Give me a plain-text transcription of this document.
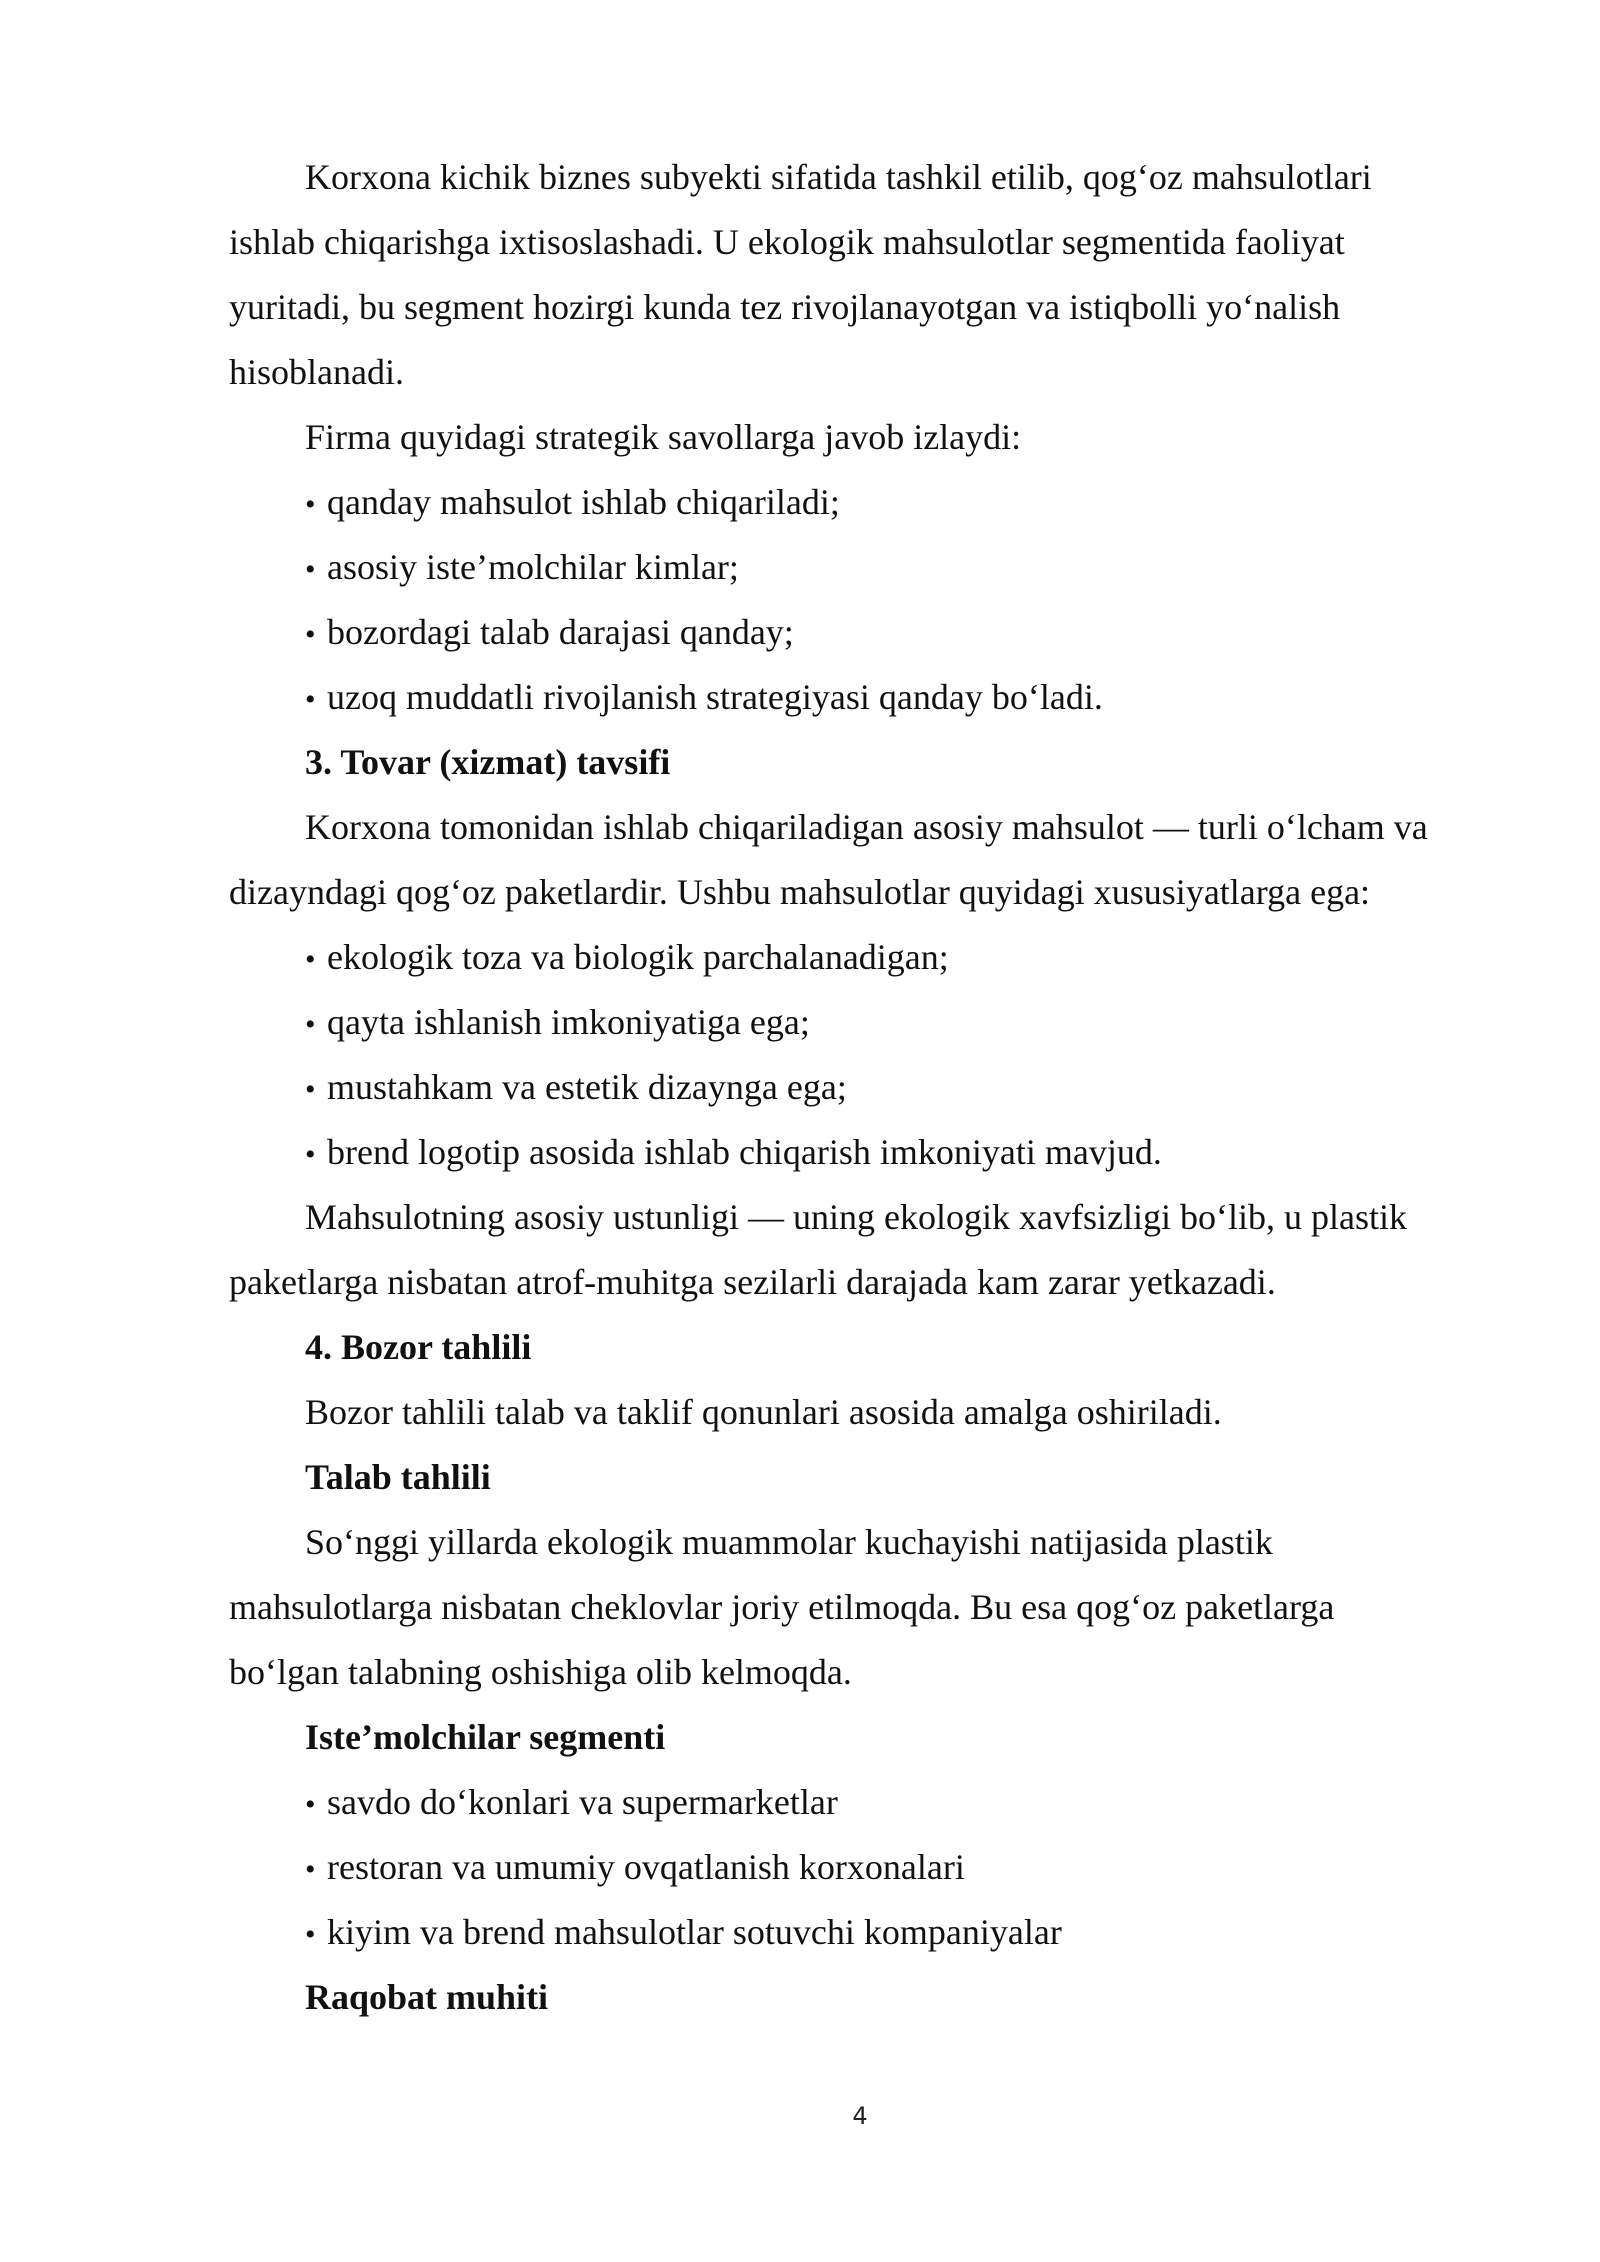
Korxona kichik biznes subyekti sifatida tashkil etilib, qog‘oz mahsulotlari
ishlab chiqarishga ixtisoslashadi. U ekologik mahsulotlar segmentida faoliyat
yuritadi, bu segment hozirgi kunda tez rivojlanayotgan va istiqbolli yo‘nalish
hisoblanadi.
Firma quyidagi strategik savollarga javob izlaydi:
• qanday mahsulot ishlab chiqariladi;
• asosiy iste’molchilar kimlar;
• bozordagi talab darajasi qanday;
• uzoq muddatli rivojlanish strategiyasi qanday bo‘ladi.
3. Tovar (xizmat) tavsifi
Korxona tomonidan ishlab chiqariladigan asosiy mahsulot — turli o‘lcham va
dizayndagi qog‘oz paketlardir. Ushbu mahsulotlar quyidagi xususiyatlarga ega:
• ekologik toza va biologik parchalanadigan;
• qayta ishlanish imkoniyatiga ega;
• mustahkam va estetik dizaynga ega;
• brend logotip asosida ishlab chiqarish imkoniyati mavjud.
Mahsulotning asosiy ustunligi — uning ekologik xavfsizligi bo‘lib, u plastik
paketlarga nisbatan atrof-muhitga sezilarli darajada kam zarar yetkazadi.
4. Bozor tahlili
Bozor tahlili talab va taklif qonunlari asosida amalga oshiriladi.
Talab tahlili
So‘nggi yillarda ekologik muammolar kuchayishi natijasida plastik
mahsulotlarga nisbatan cheklovlar joriy etilmoqda. Bu esa qog‘oz paketlarga
bo‘lgan talabning oshishiga olib kelmoqda.
Iste’molchilar segmenti
• savdo do‘konlari va supermarketlar
• restoran va umumiy ovqatlanish korxonalari
• kiyim va brend mahsulotlar sotuvchi kompaniyalar
Raqobat muhiti
4
